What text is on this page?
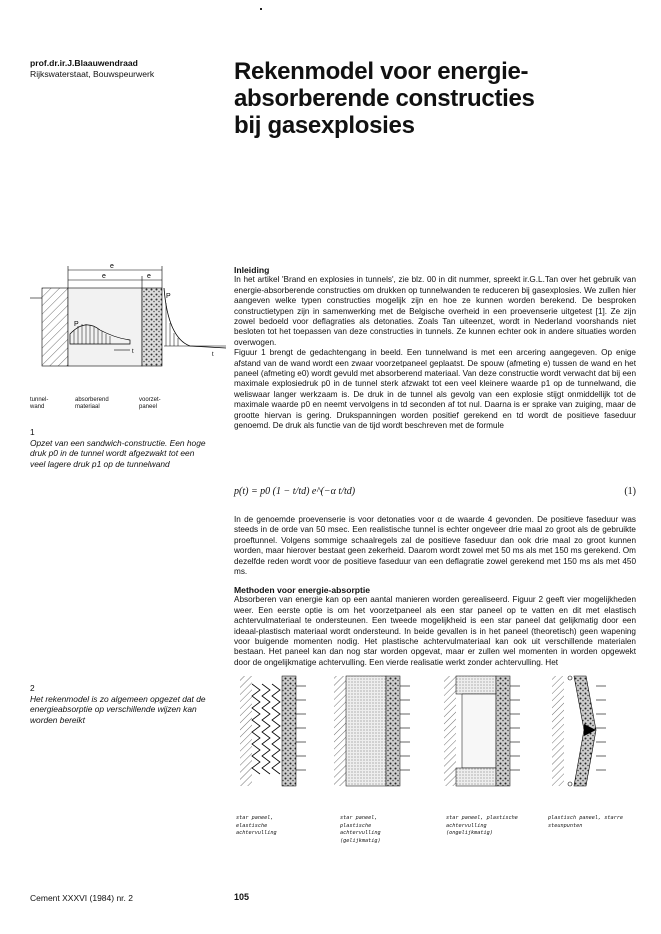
prof.dr.ir.J.Blaauwendraad
Rijkswaterstaat, Bouwspeurwerk	Rekenmodel voor energie-
absorberende constructies
bij gasexplosies
e
e	e
P
t
P
t
tunnel- wand
absorberend materiaal
voorzet- paneel
1
Opzet van een sandwich-constructie. Een hoge druk p0 in de tunnel wordt afgezwakt tot een veel lagere druk p1 op de tunnelwand
Inleiding
In het artikel 'Brand en explosies in tunnels', zie blz. 00 in dit nummer, spreekt ir.G.L.Tan over het gebruik van energie-absorberende constructies om drukken op tunnelwanden te reduceren bij gasexplosies. We zullen hier aangeven welke typen constructies mogelijk zijn en hoe ze kunnen worden berekend. De besproken constructietypen zijn in samenwerking met de Belgische overheid in een proevenserie uitgetest [1]. Ze zijn zowel bedoeld voor deflagraties als detonaties. Zoals Tan uiteenzet, wordt in Nederland voorshands niet besloten tot het toepassen van deze constructies in tunnels. Ze kunnen echter ook in andere situaties worden overwogen.
Figuur 1 brengt de gedachtengang in beeld. Een tunnelwand is met een arcering aangegeven. Op enige afstand van de wand wordt een zwaar voorzetpaneel geplaatst. De spouw (afmeting e) tussen de wand en het paneel (afmeting e0) wordt gevuld met absorberend materiaal. Van deze constructie wordt verwacht dat bij een maximale explosiedruk p0 in de tunnel sterk afzwakt tot een veel kleinere waarde p1 op de tunnelwand, die weliswaar langer werkzaam is. De druk in de tunnel als gevolg van een explosie stijgt onmiddellijk tot de maximale waarde p0 en neemt vervolgens in td seconden af tot nul. Daarna is er sprake van zuiging, maar de grootte hiervan is gering. Drukspanningen worden positief gerekend en td wordt de positieve faseduur genoemd. De druk als functie van de tijd wordt beschreven met de formule
p(t) = p0 (1 − t/td) e^(−α t/td)	(1)
In de genoemde proevenserie is voor detonaties voor α de waarde 4 gevonden. De positieve faseduur was steeds in de orde van 50 msec. Een realistische tunnel is echter ongeveer drie maal zo groot als de gebruikte proeftunnel. Volgens sommige schaalregels zal de positieve faseduur dan ook drie maal zo groot kunnen worden, maar hierover bestaat geen zekerheid. Daarom wordt zowel met 50 ms als met 150 ms gerekend. Om dezelfde reden wordt voor de positieve faseduur van een deflagratie zowel gerekend met 150 ms als met 450 ms.
Methoden voor energie-absorptie
Absorberen van energie kan op een aantal manieren worden gerealiseerd. Figuur 2 geeft vier mogelijkheden weer. Een eerste optie is om het voorzetpaneel als een star paneel op te vatten en dit met elastisch achtervulmateriaal te ondersteunen. Een tweede mogelijkheid is een star paneel dat gelijkmatig door een ideaal-plastisch materiaal wordt ondersteund. In beide gevallen is in het paneel (theoretisch) geen wapening voor buigende momenten nodig. Het plastische achtervulmateriaal kan ook uit verschillende materialen bestaan. Het paneel kan dan nog star worden opgevat, maar er zullen wel momenten in worden opgewekt door de ongelijkmatige achtervulling. Een vierde realisatie werkt zonder achtervulling. Het
2
Het rekenmodel is zo algemeen opgezet dat de energieabsorptie op verschillende wijzen kan worden bereikt
star paneel, elastische achtervulling
star paneel, plastische achtervulling (gelijkmatig)
star paneel, plastische achtervulling (ongelijkmatig)
plastisch paneel, starre steunpunten
Cement XXXVI (1984) nr. 2	105
